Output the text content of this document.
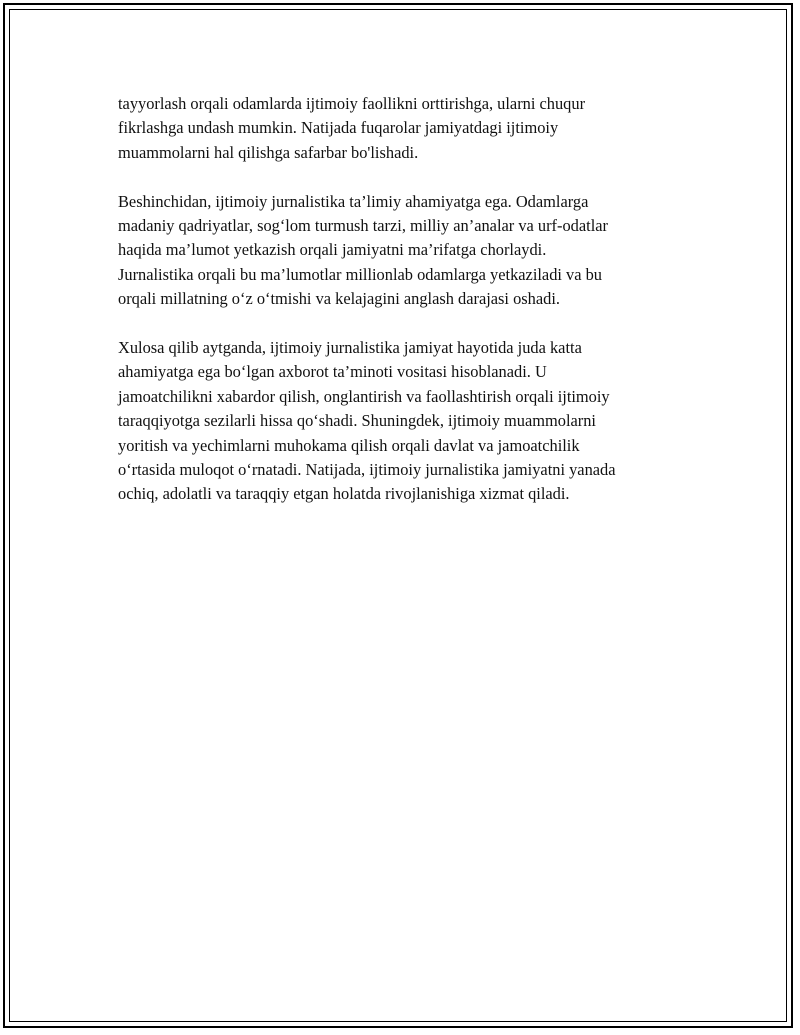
tayyorlash orqali odamlarda ijtimoiy faollikni orttirishga, ularni chuqur
fikrlashga undash mumkin. Natijada fuqarolar jamiyatdagi ijtimoiy
muammolarni hal qilishga safarbar bo'lishadi.

Beshinchidan, ijtimoiy jurnalistika ta’limiy ahamiyatga ega. Odamlarga
madaniy qadriyatlar, sog‘lom turmush tarzi, milliy an’analar va urf-odatlar
haqida ma’lumot yetkazish orqali jamiyatni ma’rifatga chorlaydi.
Jurnalistika orqali bu ma’lumotlar millionlab odamlarga yetkaziladi va bu
orqali millatning o‘z o‘tmishi va kelajagini anglash darajasi oshadi.

Xulosa qilib aytganda, ijtimoiy jurnalistika jamiyat hayotida juda katta
ahamiyatga ega bo‘lgan axborot ta’minoti vositasi hisoblanadi. U
jamoatchilikni xabardor qilish, onglantirish va faollashtirish orqali ijtimoiy
taraqqiyotga sezilarli hissa qo‘shadi. Shuningdek, ijtimoiy muammolarni
yoritish va yechimlarni muhokama qilish orqali davlat va jamoatchilik
o‘rtasida muloqot o‘rnatadi. Natijada, ijtimoiy jurnalistika jamiyatni yanada
ochiq, adolatli va taraqqiy etgan holatda rivojlanishiga xizmat qiladi.
